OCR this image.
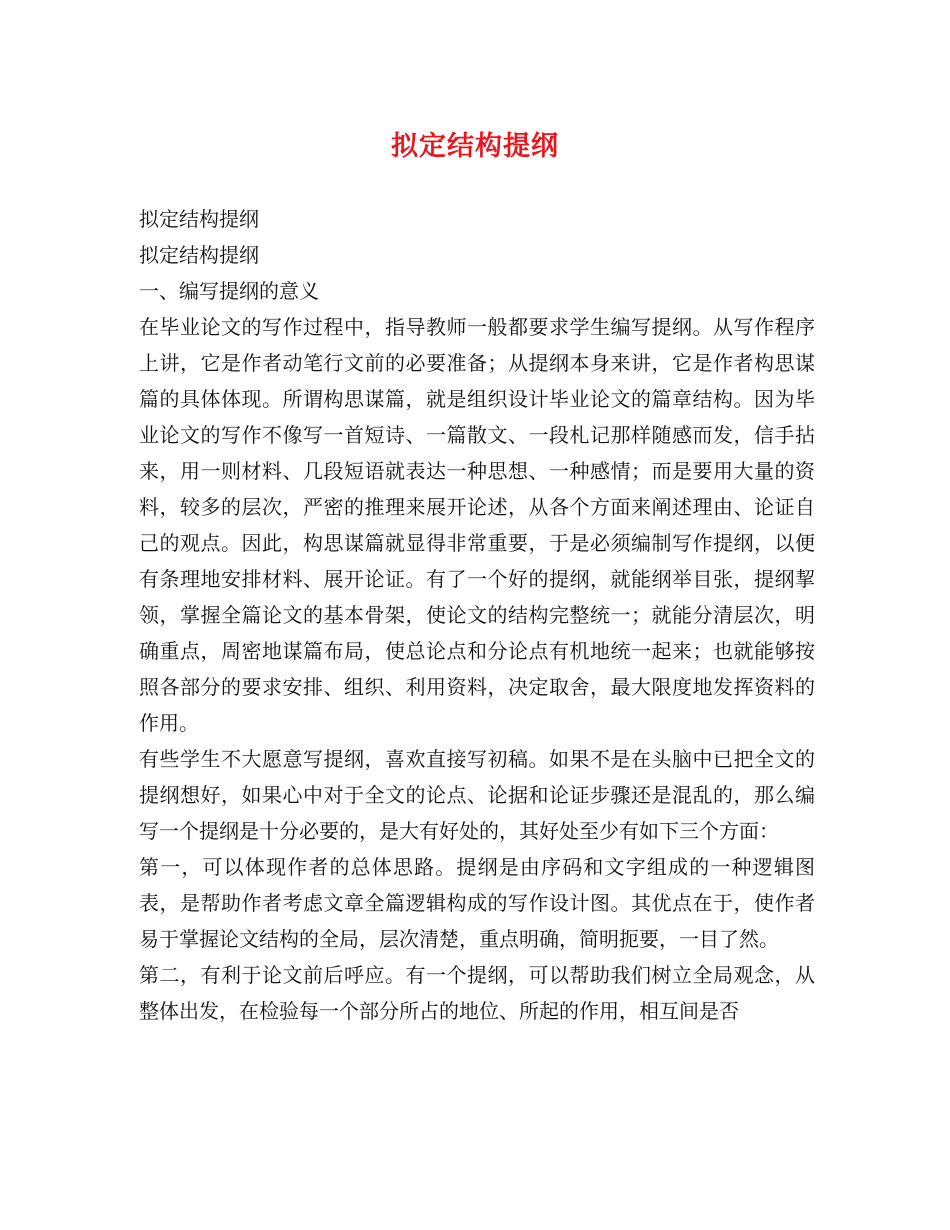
拟定结构提纲

拟定结构提纲

拟定结构提纲

一、编写提纲的意义

在毕业论文的写作过程中，指导教师一般都要求学生编写提纲。从写作程序上讲，它是作者动笔行文前的必要准备；从提纲本身来讲，它是作者构思谋篇的具体体现。所谓构思谋篇，就是组织设计毕业论文的篇章结构。因为毕业论文的写作不像写一首短诗、一篇散文、一段札记那样随感而发，信手拈来，用一则材料、几段短语就表达一种思想、一种感情；而是要用大量的资料，较多的层次，严密的推理来展开论述，从各个方面来阐述理由、论证自己的观点。因此，构思谋篇就显得非常重要，于是必须编制写作提纲，以便有条理地安排材料、展开论证。有了一个好的提纲，就能纲举目张，提纲挈领，掌握全篇论文的基本骨架，使论文的结构完整统一；就能分清层次，明确重点，周密地谋篇布局，使总论点和分论点有机地统一起来；也就能够按照各部分的要求安排、组织、利用资料，决定取舍，最大限度地发挥资料的作用。

有些学生不大愿意写提纲，喜欢直接写初稿。如果不是在头脑中已把全文的提纲想好，如果心中对于全文的论点、论据和论证步骤还是混乱的，那么编写一个提纲是十分必要的，是大有好处的，其好处至少有如下三个方面：

第一，可以体现作者的总体思路。提纲是由序码和文字组成的一种逻辑图表，是帮助作者考虑文章全篇逻辑构成的写作设计图。其优点在于，使作者易于掌握论文结构的全局，层次清楚，重点明确，简明扼要，一目了然。

第二，有利于论文前后呼应。有一个提纲，可以帮助我们树立全局观念，从整体出发，在检验每一个部分所占的地位、所起的作用，相互间是否
